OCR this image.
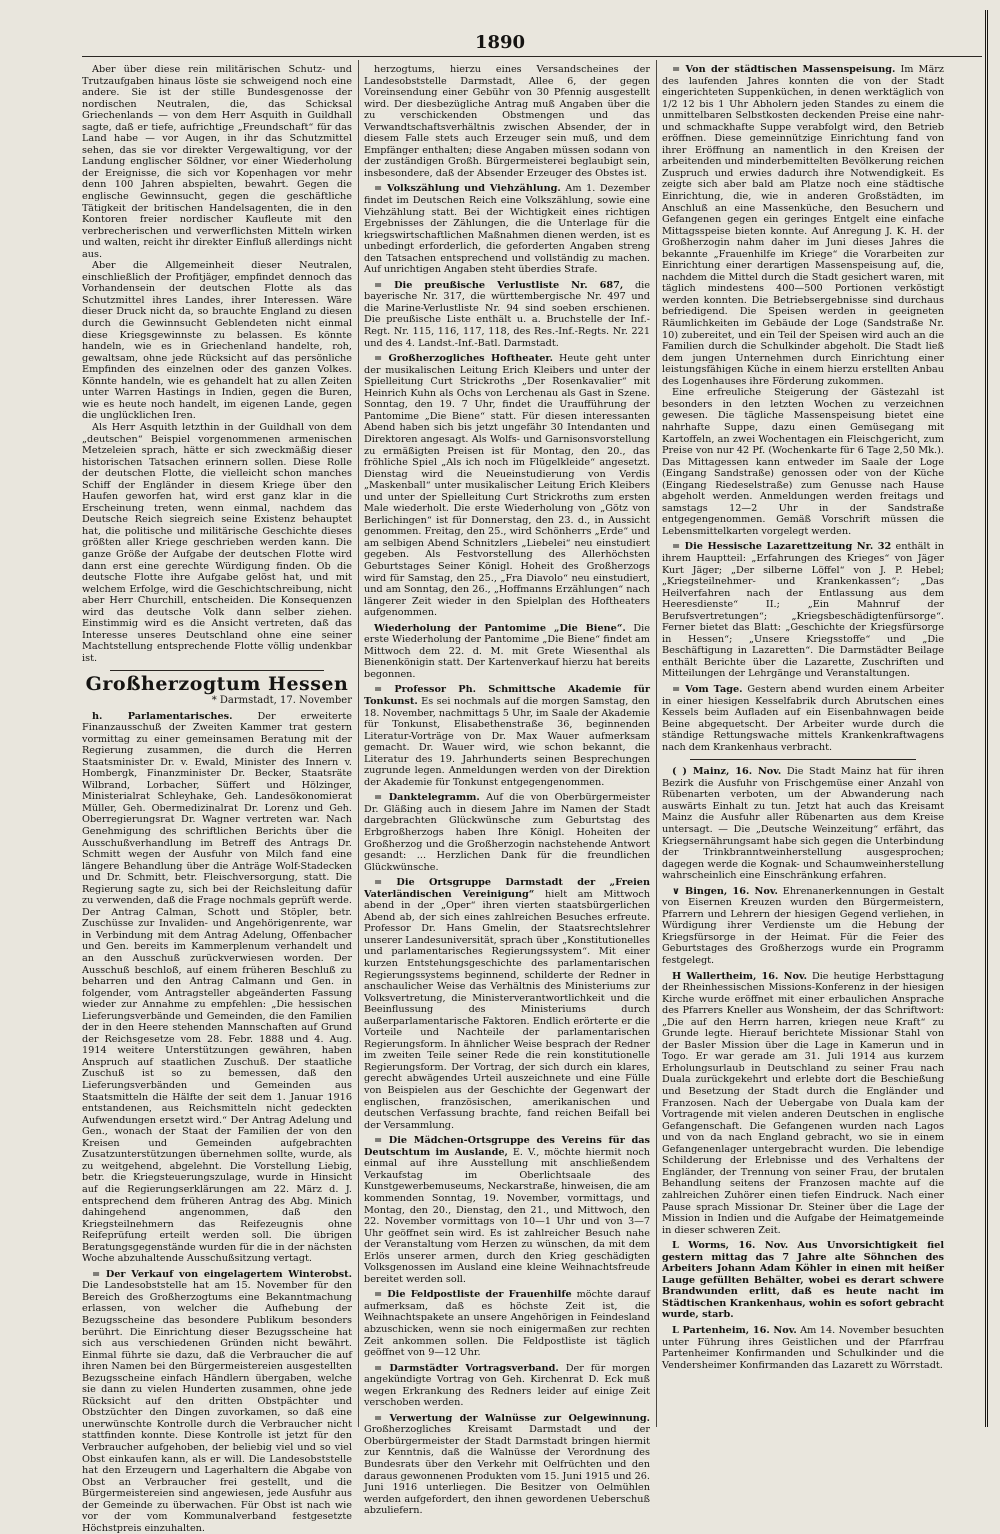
1890

Aber über diese rein militärischen Schutz- und Trutzaufgaben hinaus löste sie schweigend noch eine andere. Sie ist der stille Bundesgenosse der nordischen Neutralen, die, das Schicksal Griechenlands — von dem Herr Asquith in Guildhall sagte, daß er tiefe, aufrichtige „Freundschaft“ für das Land habe — vor Augen, in ihr das Schutzmittel sehen, das sie vor direkter Vergewaltigung, vor der Landung englischer Söldner, vor einer Wiederholung der Ereignisse, die sich vor Kopenhagen vor mehr denn 100 Jahren abspielten, bewahrt. Gegen die englische Gewinnsucht, gegen die geschäftliche Tätigkeit der britischen Handelsagenten, die in den Kontoren freier nordischer Kaufleute mit den verbrecherischen und verwerflichsten Mitteln wirken und walten, reicht ihr direkter Einfluß allerdings nicht aus.

Aber die Allgemeinheit dieser Neutralen, einschließlich der Profitjäger, empfindet dennoch das Vorhandensein der deutschen Flotte als das Schutzmittel ihres Landes, ihrer Interessen. Wäre dieser Druck nicht da, so brauchte England zu diesen durch die Gewinnsucht Geblendeten nicht einmal diese Kriegsgewinnste zu belassen. Es könnte handeln, wie es in Griechenland handelte, roh, gewaltsam, ohne jede Rücksicht auf das persönliche Empfinden des einzelnen oder des ganzen Volkes. Könnte handeln, wie es gehandelt hat zu allen Zeiten unter Warren Hastings in Indien, gegen die Buren, wie es heute noch handelt, im eigenen Lande, gegen die unglücklichen Iren.

Als Herr Asquith letzthin in der Guildhall von dem „deutschen“ Beispiel vorgenommenen armenischen Metzeleien sprach, hätte er sich zweckmäßig dieser historischen Tatsachen erinnern sollen. Diese Rolle der deutschen Flotte, die vielleicht schon manches Schiff der Engländer in diesem Kriege über den Haufen geworfen hat, wird erst ganz klar in die Erscheinung treten, wenn einmal, nachdem das Deutsche Reich siegreich seine Existenz behauptet hat, die politische und militärische Geschichte dieses größten aller Kriege geschrieben werden kann. Die ganze Größe der Aufgabe der deutschen Flotte wird dann erst eine gerechte Würdigung finden. Ob die deutsche Flotte ihre Aufgabe gelöst hat, und mit welchem Erfolge, wird die Geschichtschreibung, nicht aber Herr Churchill, entscheiden. Die Konsequenzen wird das deutsche Volk dann selber ziehen. Einstimmig wird es die Ansicht vertreten, daß das Interesse unseres Deutschland ohne eine seiner Machtstellung entsprechende Flotte völlig undenkbar ist.

Großherzogtum Hessen
* Darmstadt, 17. November

h. Parlamentarisches.	Der erweiterte Finanzausschuß der Zweiten Kammer trat gestern vormittag zu einer gemeinsamen Beratung mit der Regierung zusammen, die durch die Herren Staatsminister Dr. v. Ewald, Minister des Innern v. Hombergk, Finanzminister Dr. Becker, Staatsräte Wilbrand, Lorbacher, Süffert und Hölzinger, Ministerialrat Schleyhake, Geh. Landesökonomierat Müller, Geh. Obermedizinalrat Dr. Lorenz und Geh. Oberregierungsrat Dr. Wagner vertreten war. Nach Genehmigung des schriftlichen Berichts über die Ausschußverhandlung im Betreff des Antrags Dr. Schmitt wegen der Ausfuhr von Milch fand eine längere Behandlung über die Anträge Wolf-Stadecken und Dr. Schmitt, betr. Fleischversorgung, statt. Die Regierung sagte zu, sich bei der Reichsleitung dafür zu verwenden, daß die Frage nochmals geprüft werde. Der Antrag Calman, Schott und Stöpler, betr. Zuschüsse zur Invaliden- und Angehörigenrente, war in Verbindung mit dem Antrag Adelung, Offenbacher und Gen. bereits im Kammerplenum verhandelt und an den Ausschuß zurückverwiesen worden. Der Ausschuß beschloß, auf einem früheren Beschluß zu beharren und den Antrag Calmann und Gen. in folgender, vom Antragsteller abgeänderten Fassung wieder zur Annahme zu empfehlen: „Die hessischen Lieferungsverbände und Gemeinden, die den Familien der in den Heere stehenden Mannschaften auf Grund der Reichsgesetze vom 28. Febr. 1888 und 4. Aug. 1914 weitere Unterstützungen gewähren, haben Anspruch auf staatlichen Zuschuß. Der staatliche Zuschuß ist so zu bemessen, daß den Lieferungsverbänden und Gemeinden aus Staatsmitteln die Hälfte der seit dem 1. Januar 1916 entstandenen, aus Reichsmitteln nicht gedeckten Aufwendungen ersetzt wird.“ Der Antrag Adelung und Gen., wonach der Staat der Familien der von den Kreisen und Gemeinden aufgebrachten Zusatzunterstützungen übernehmen sollte, wurde, als zu weitgehend, abgelehnt. Die Vorstellung Liebig, betr. die Kriegsteuerungszulage, wurde in Hinsicht auf die Regierungserklärungen am 22. März d. J. entsprechend dem früheren Antrag des Abg. Minich dahingehend angenommen, daß den Kriegsteilnehmern das Reifezeugnis ohne Reifeprüfung erteilt werden soll. Die übrigen Beratungsgegenstände wurden für die in der nächsten Woche abzuhaltende Ausschußsitzung vertagt.

= Der Verkauf von eingelagertem Winterobst. Die Landesobststelle hat am 15. November für den Bereich des Großherzogtums eine Bekanntmachung erlassen, von welcher die Aufhebung der Bezugsscheine das besondere Publikum besonders berührt. Die Einrichtung dieser Bezugsscheine hat sich aus verschiedenen Gründen nicht bewährt. Einmal führte sie dazu, daß die Verbraucher die auf ihren Namen bei den Bürgermeistereien ausgestellten Bezugsscheine einfach Händlern übergaben, welche sie dann zu vielen Hunderten zusammen, ohne jede Rücksicht auf den dritten Obstpächter und Obstzüchter den Dingen zuvorkamen, so daß eine unerwünschte Kontrolle durch die Verbraucher nicht stattfinden konnte. Diese Kontrolle ist jetzt für den Verbraucher aufgehoben, der beliebig viel und so viel Obst einkaufen kann, als er will. Die Landesobststelle hat den Erzeugern und Lagerhaltern die Abgabe von Obst an Verbraucher frei gestellt, und die Bürgermeistereien sind angewiesen, jede Ausfuhr aus der Gemeinde zu überwachen. Für Obst ist nach wie vor der vom Kommunalverband festgesetzte Höchstpreis einzuhalten.

herzogtums, hierzu eines Versandscheines der Landesobststelle Darmstadt, Allee 6, der gegen Voreinsendung einer Gebühr von 30 Pfennig ausgestellt wird. Der diesbezügliche Antrag muß Angaben über die zu verschickenden Obstmengen und das Verwandtschaftsverhältnis zwischen Absender, der in diesem Falle stets auch Erzeuger sein muß, und dem Empfänger enthalten; diese Angaben müssen sodann von der zuständigen Großh. Bürgermeisterei beglaubigt sein, insbesondere, daß der Absender Erzeuger des Obstes ist.

= Volkszählung und Viehzählung. Am 1. Dezember findet im Deutschen Reich eine Volkszählung, sowie eine Viehzählung statt. Bei der Wichtigkeit eines richtigen Ergebnisses der Zählungen, die die Unterlage für die kriegswirtschaftlichen Maßnahmen dienen werden, ist es unbedingt erforderlich, die geforderten Angaben streng den Tatsachen entsprechend und vollständig zu machen. Auf unrichtigen Angaben steht überdies Strafe.

= Die preußische Verlustliste Nr. 687, die bayerische Nr. 317, die württembergische Nr. 497 und die Marine-Verlustliste Nr. 94 sind soeben erschienen. Die preußische Liste enthält u. a. Bruchstelle der Inf.-Regt. Nr. 115, 116, 117, 118, des Res.-Inf.-Regts. Nr. 221 und des 4. Landst.-Inf.-Batl. Darmstadt.

= Großherzogliches Hoftheater. Heute geht unter der musikalischen Leitung Erich Kleibers und unter der Spielleitung Curt Strickroths „Der Rosenkavalier“ mit Heinrich Kuhn als Ochs von Lerchenau als Gast in Szene. Sonntag, den 19. 7 Uhr, findet die Uraufführung der Pantomime „Die Biene“ statt. Für diesen interessanten Abend haben sich bis jetzt ungefähr 30 Intendanten und Direktoren angesagt. Als Wolfs- und Garnisonsvorstellung zu ermäßigten Preisen ist für Montag, den 20., das fröhliche Spiel „Als ich noch im Flügelkleide“ angesetzt. Dienstag wird die Neueinstudierung von Verdis „Maskenball“ unter musikalischer Leitung Erich Kleibers und unter der Spielleitung Curt Strickroths zum ersten Male wiederholt. Die erste Wiederholung von „Götz von Berlichingen“ ist für Donnerstag, den 23. d., in Aussicht genommen. Freitag, den 25., wird Schönherrs „Erde“ und am selbigen Abend Schnitzlers „Liebelei“ neu einstudiert gegeben. Als Festvorstellung des Allerhöchsten Geburtstages Seiner Königl. Hoheit des Großherzogs wird für Samstag, den 25., „Fra Diavolo“ neu einstudiert, und am Sonntag, den 26., „Hoffmanns Erzählungen“ nach längerer Zeit wieder in den Spielplan des Hoftheaters aufgenommen.

Wiederholung der Pantomime „Die Biene“. Die erste Wiederholung der Pantomime „Die Biene“ findet am Mittwoch dem 22. d. M. mit Grete Wiesenthal als Bienenkönigin statt. Der Kartenverkauf hierzu hat bereits begonnen.

= Professor Ph. Schmittsche Akademie für Tonkunst. Es sei nochmals auf die morgen Samstag, den 18. November, nachmittags 5 Uhr, im Saale der Akademie für Tonkunst, Elisabethenstraße 36, beginnenden Literatur-Vorträge von Dr. Max Wauer aufmerksam gemacht. Dr. Wauer wird, wie schon bekannt, die Literatur des 19. Jahrhunderts seinen Besprechungen zugrunde legen. Anmeldungen werden von der Direktion der Akademie für Tonkunst entgegengenommen.

= Danktelegramm. Auf die von Oberbürgermeister Dr. Gläßing auch in diesem Jahre im Namen der Stadt dargebrachten Glückwünsche zum Geburtstag des Erbgroßherzogs haben Ihre Königl. Hoheiten der Großherzog und die Großherzogin nachstehende Antwort gesandt: ... Herzlichen Dank für die freundlichen Glückwünsche.

= Die Ortsgruppe Darmstadt der „Freien Vaterländischen Vereinigung“ hielt am Mittwoch abend in der „Oper“ ihren vierten staatsbürgerlichen Abend ab, der sich eines zahlreichen Besuches erfreute. Professor Dr. Hans Gmelin, der Staatsrechtslehrer unserer Landesuniversität, sprach über „Konstitutionelles und parlamentarisches Regierungssystem“. Mit einer kurzen Entstehungsgeschichte des parlamentarischen Regierungssystems beginnend, schilderte der Redner in anschaulicher Weise das Verhältnis des Ministeriums zur Volksvertretung, die Ministerverantwortlichkeit und die Beeinflussung des Ministeriums durch außerparlamentarische Faktoren. Endlich erörterte er die Vorteile und Nachteile der parlamentarischen Regierungsform. In ähnlicher Weise besprach der Redner im zweiten Teile seiner Rede die rein konstitutionelle Regierungsform. Der Vortrag, der sich durch ein klares, gerecht abwägendes Urteil auszeichnete und eine Fülle von Beispielen aus der Geschichte der Gegenwart der englischen, französischen, amerikanischen und deutschen Verfassung brachte, fand reichen Beifall bei der Versammlung.

= Die Mädchen-Ortsgruppe des Vereins für das Deutschtum im Auslande, E. V., möchte hiermit noch einmal auf ihre Ausstellung mit anschließendem Verkaufstag im Oberlichtsaale des Kunstgewerbemuseums, Neckarstraße, hinweisen, die am kommenden Sonntag, 19. November, vormittags, und Montag, den 20., Dienstag, den 21., und Mittwoch, den 22. November vormittags von 10—1 Uhr und von 3—7 Uhr geöffnet sein wird. Es ist zahlreicher Besuch nahe der Veranstaltung vom Herzen zu wünschen, da mit dem Erlös unserer armen, durch den Krieg geschädigten Volksgenossen im Ausland eine kleine Weihnachtsfreude bereitet werden soll.

= Die Feldpostliste der Frauenhilfe möchte darauf aufmerksam, daß es höchste Zeit ist, die Weihnachtspakete an unsere Angehörigen in Feindesland abzuschicken, wenn sie noch einigermaßen zur rechten Zeit ankommen sollen. Die Feldpostliste ist täglich geöffnet von 9—12 Uhr.

= Darmstädter Vortragsverband. Der für morgen angekündigte Vortrag von Geh. Kirchenrat D. Eck muß wegen Erkrankung des Redners leider auf einige Zeit verschoben werden.

= Verwertung der Walnüsse zur Oelgewinnung. Großherzogliches Kreisamt Darmstadt und der Oberbürgermeister der Stadt Darmstadt bringen hiermit zur Kenntnis, daß die Walnüsse der Verordnung des Bundesrats über den Verkehr mit Oelfrüchten und den daraus gewonnenen Produkten vom 15. Juni 1915 und 26. Juni 1916 unterliegen. Die Besitzer von Oelmühlen werden aufgefordert, den ihnen gewordenen Ueberschuß abzuliefern.

= Von der städtischen Massenspeisung. Im März des laufenden Jahres konnten die von der Stadt eingerichteten Suppenküchen, in denen werktäglich von 1/2 12 bis 1 Uhr Abholern jeden Standes zu einem die unmittelbaren Selbstkosten deckenden Preise eine nahr- und schmackhafte Suppe verabfolgt wird, den Betrieb eröffnen. Diese gemeinnützige Einrichtung fand von ihrer Eröffnung an namentlich in den Kreisen der arbeitenden und minderbemittelten Bevölkerung reichen Zuspruch und erwies dadurch ihre Notwendigkeit. Es zeigte sich aber bald am Platze noch eine städtische Einrichtung, die, wie in anderen Großstädten, im Anschluß an eine Massenküche, den Besuchern und Gefangenen gegen ein geringes Entgelt eine einfache Mittagsspeise bieten konnte. Auf Anregung J. K. H. der Großherzogin nahm daher im Juni dieses Jahres die bekannte „Frauenhilfe im Kriege“ die Vorarbeiten zur Einrichtung einer derartigen Massenspeisung auf, die, nachdem die Mittel durch die Stadt gesichert waren, mit täglich mindestens 400—500 Portionen verköstigt werden konnten. Die Betriebsergebnisse sind durchaus befriedigend. Die Speisen werden in geeigneten Räumlichkeiten im Gebäude der Loge (Sandstraße Nr. 10) zubereitet, und ein Teil der Speisen wird auch an die Familien durch die Schulkinder abgeholt. Die Stadt ließ dem jungen Unternehmen durch Einrichtung einer leistungsfähigen Küche in einem hierzu erstellten Anbau des Logenhauses ihre Förderung zukommen.

Eine erfreuliche Steigerung der Gästezahl ist besonders in den letzten Wochen zu verzeichnen gewesen. Die tägliche Massenspeisung bietet eine nahrhafte Suppe, dazu einen Gemüsegang mit Kartoffeln, an zwei Wochentagen ein Fleischgericht, zum Preise von nur 42 Pf. (Wochenkarte für 6 Tage 2,50 Mk.). Das Mittagessen kann entweder im Saale der Loge (Eingang Sandstraße) genossen oder von der Küche (Eingang Riedeselstraße) zum Genusse nach Hause abgeholt werden. Anmeldungen werden freitags und samstags 12—2 Uhr in der Sandstraße entgegengenommen. Gemäß Vorschrift müssen die Lebensmittelkarten vorgelegt werden.

= Die Hessische Lazarettzeitung Nr. 32 enthält in ihrem Hauptteil: „Erfahrungen des Krieges“ von Jäger Kurt Jäger; „Der silberne Löffel“ von J. P. Hebel; „Kriegsteilnehmer- und Krankenkassen“; „Das Heilverfahren nach der Entlassung aus dem Heeresdienste“ II.; „Ein Mahnruf der Berufsvertretungen“; „Kriegsbeschädigtenfürsorge“. Ferner bietet das Blatt: „Geschichte der Kriegsfürsorge in Hessen“; „Unsere Kriegsstoffe“ und „Die Beschäftigung in Lazaretten“. Die Darmstädter Beilage enthält Berichte über die Lazarette, Zuschriften und Mitteilungen der Lehrgänge und Veranstaltungen.

= Vom Tage. Gestern abend wurden einem Arbeiter in einer hiesigen Kesselfabrik durch Abrutschen eines Kessels beim Aufladen auf ein Eisenbahnwagen beide Beine abgequetscht. Der Arbeiter wurde durch die ständige Rettungswache mittels Krankenkraftwagens nach dem Krankenhaus verbracht.

( ) Mainz, 16. Nov. Die Stadt Mainz hat für ihren Bezirk die Ausfuhr von Frischgemüse einer Anzahl von Rübenarten verboten, um der Abwanderung nach auswärts Einhalt zu tun. Jetzt hat auch das Kreisamt Mainz die Ausfuhr aller Rübenarten aus dem Kreise untersagt. — Die „Deutsche Weinzeitung“ erfährt, das Kriegsernährungsamt habe sich gegen die Unterbindung der Trinkbranntweinherstellung ausgesprochen; dagegen werde die Kognak- und Schaumweinherstellung wahrscheinlich eine Einschränkung erfahren.

∨ Bingen, 16. Nov. Ehrenanerkennungen in Gestalt von Eisernen Kreuzen wurden den Bürgermeistern, Pfarrern und Lehrern der hiesigen Gegend verliehen, in Würdigung ihrer Verdienste um die Hebung der Kriegsfürsorge in der Heimat. Für die Feier des Geburtstages des Großherzogs wurde ein Programm festgelegt.

H Wallertheim, 16. Nov. Die heutige Herbsttagung der Rheinhessischen Missions-Konferenz in der hiesigen Kirche wurde eröffnet mit einer erbaulichen Ansprache des Pfarrers Kneller aus Wonsheim, der das Schriftwort: „Die auf den Herrn harren, kriegen neue Kraft“ zu Grunde legte. Hierauf berichtete Missionar Stahl von der Basler Mission über die Lage in Kamerun und in Togo. Er war gerade am 31. Juli 1914 aus kurzem Erholungsurlaub in Deutschland zu seiner Frau nach Duala zurückgekehrt und erlebte dort die Beschießung und Besetzung der Stadt durch die Engländer und Franzosen. Nach der Uebergabe von Duala kam der Vortragende mit vielen anderen Deutschen in englische Gefangenschaft. Die Gefangenen wurden nach Lagos und von da nach England gebracht, wo sie in einem Gefangenenlager untergebracht wurden. Die lebendige Schilderung der Erlebnisse und des Verhaltens der Engländer, der Trennung von seiner Frau, der brutalen Behandlung seitens der Franzosen machte auf die zahlreichen Zuhörer einen tiefen Eindruck. Nach einer Pause sprach Missionar Dr. Steiner über die Lage der Mission in Indien und die Aufgabe der Heimatgemeinde in dieser schweren Zeit.

L Worms, 16. Nov. Aus Unvorsichtigkeit fiel gestern mittag das 7 Jahre alte Söhnchen des Arbeiters Johann Adam Köhler in einen mit heißer Lauge gefüllten Behälter, wobei es derart schwere Brandwunden erlitt, daß es heute nacht im Städtischen Krankenhaus, wohin es sofort gebracht wurde, starb.

L Partenheim, 16. Nov. Am 14. November besuchten unter Führung ihres Geistlichen und der Pfarrfrau Partenheimer Konfirmanden und Schulkinder und die Vendersheimer Konfirmanden das Lazarett zu Wörrstadt.
